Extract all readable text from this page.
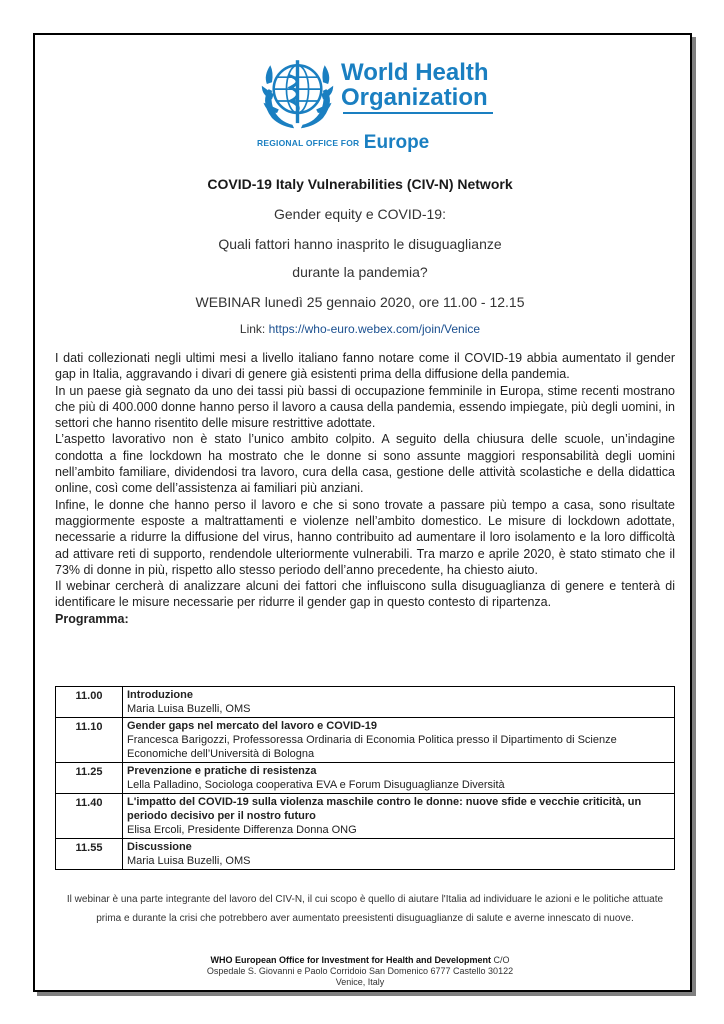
World Health
Organization
REGIONAL OFFICE FOR Europe
COVID-19 Italy Vulnerabilities (CIV-N) Network
Gender equity e COVID-19:
Quali fattori hanno inasprito le disuguaglianze
durante la pandemia?
WEBINAR lunedì 25 gennaio 2020, ore 11.00 - 12.15
Link: https://who-euro.webex.com/join/Venice

I dati collezionati negli ultimi mesi a livello italiano fanno notare come il COVID-19 abbia aumentato il gender gap in Italia, aggravando i divari di genere già esistenti prima della diffusione della pandemia.

In un paese già segnato da uno dei tassi più bassi di occupazione femminile in Europa, stime recenti mostrano che più di 400.000 donne hanno perso il lavoro a causa della pandemia, essendo impiegate, più degli uomini, in settori che hanno risentito delle misure restrittive adottate.

L’aspetto lavorativo non è stato l’unico ambito colpito. A seguito della chiusura delle scuole, un’indagine condotta a fine lockdown ha mostrato che le donne si sono assunte maggiori responsabilità degli uomini nell’ambito familiare, dividendosi tra lavoro, cura della casa, gestione delle attività scolastiche e della didattica online, così come dell’assistenza ai familiari più anziani.

Infine, le donne che hanno perso il lavoro e che si sono trovate a passare più tempo a casa, sono risultate maggiormente esposte a maltrattamenti e violenze nell’ambito domestico. Le misure di lockdown adottate, necessarie a ridurre la diffusione del virus, hanno contribuito ad aumentare il loro isolamento e la loro difficoltà ad attivare reti di supporto, rendendole ulteriormente vulnerabili. Tra marzo e aprile 2020, è stato stimato che il 73% di donne in più, rispetto allo stesso periodo dell’anno precedente, ha chiesto aiuto.

Il webinar cercherà di analizzare alcuni dei fattori che influiscono sulla disuguaglianza di genere e tenterà di identificare le misure necessarie per ridurre il gender gap in questo contesto di ripartenza.

Programma:

11.00	Introduzione
Maria Luisa Buzelli, OMS

11.10	Gender gaps nel mercato del lavoro e COVID-19
Francesca Barigozzi, Professoressa Ordinaria di Economia Politica presso il Dipartimento di Scienze Economiche dell’Università di Bologna

11.25	Prevenzione e pratiche di resistenza
Lella Palladino, Sociologa cooperativa EVA e Forum Disuguaglianze Diversità

11.40	L'impatto del COVID-19 sulla violenza maschile contro le donne: nuove sfide e vecchie criticità, un periodo decisivo per il nostro futuro
Elisa Ercoli, Presidente Differenza Donna ONG

11.55	Discussione
Maria Luisa Buzelli, OMS
Il webinar è una parte integrante del lavoro del CIV-N, il cui scopo è quello di aiutare l'Italia ad individuare le azioni e le politiche attuate prima e durante la crisi che potrebbero aver aumentato preesistenti disuguaglianze di salute e averne innescato di nuove.
WHO European Office for Investment for Health and Development C/O
Ospedale S. Giovanni e Paolo Corridoio San Domenico 6777 Castello 30122
Venice, Italy
